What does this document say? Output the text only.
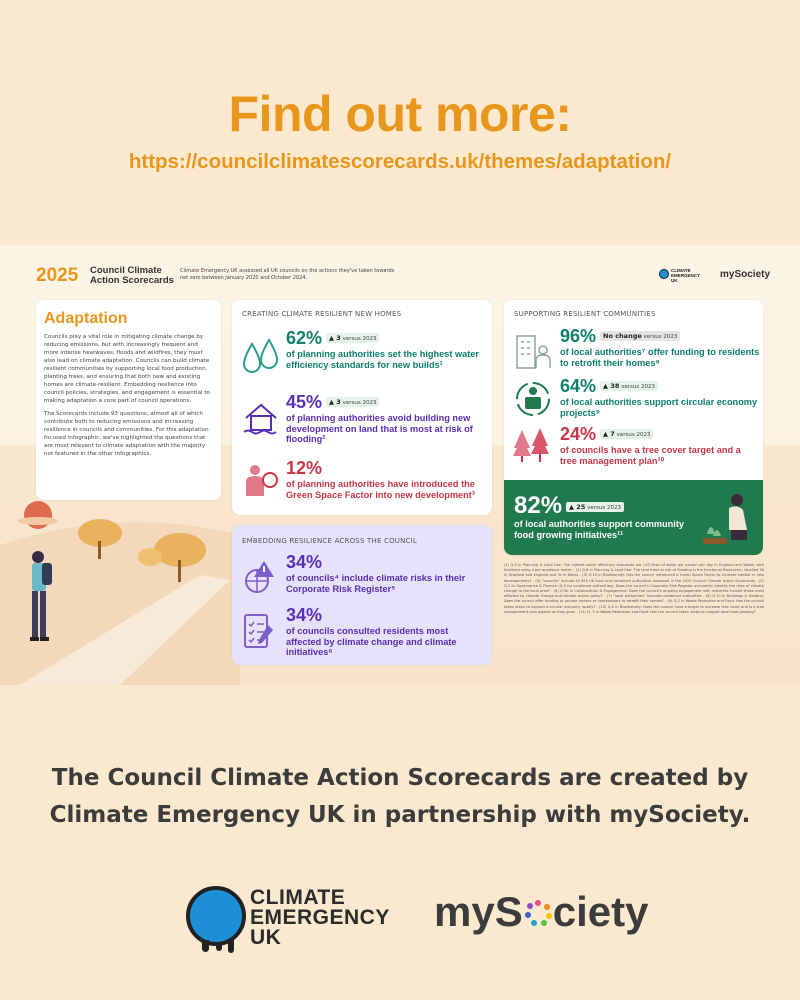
Find out more:
https://councilclimatescorecards.uk/themes/adaptation/
2025 Council Climate
Action Scorecards
Climate Emergency UK assessed all UK councils on the actions they've taken towards net zero between January 2020 and October 2024.
CLIMATE EMERGENCY UK
mySociety
Adaptation

Councils play a vital role in mitigating climate change by reducing emissions, but with increasingly frequent and more intense heatwaves, floods and wildfires, they must also lead on climate adaptation. Councils can build climate resilient communities by supporting local food production, planting trees, and ensuring that both new and existing homes are climate-resilient. Embedding resilience into council policies, strategies, and engagement is essential to making adaptation a core part of council operations.

The Scorecards include 93 questions, almost all of which contribute both to reducing emissions and increasing resilience in councils and communities. For this adaptation focused infographic, we've highlighted the questions that are most relevant to climate adaptation with the majority not featured in the other infographics.

CREATING CLIMATE RESILIENT NEW HOMES
62% ▲ 3 versus 2023
of planning authorities set the highest water efficiency standards for new builds¹
45% ▲ 3 versus 2023
of planning authorities avoid building new development on land that is most at risk of flooding²
12%
of planning authorities have introduced the Green Space Factor into new development³
EMBEDDING RESILIENCE ACROSS THE COUNCIL
34%
of councils⁴ include climate risks in their Corporate Risk Register⁵
34%
of councils consulted residents most affected by climate change and climate initiatives⁶
SUPPORTING RESILIENT COMMUNITIES
96% No change versus 2023
of local authorities⁷ offer funding to residents to retrofit their homes⁸
64% ▲ 38 versus 2023
of local authorities support circular economy projects⁹
24% ▲ 7 versus 2023
of councils have a tree cover target and a tree management plan¹⁰
82% ▲ 25 versus 2023
of local authorities support community food growing initiatives¹¹
(1) Q.5 in Planning & Land Use: The highest water efficiency standards are 110 litres of water per person per day in England and Wales, with Scotland using a per appliance metric - (2) Q.8 in Planning & Land Use: The land most at risk of flooding is the functional flood plain, labelled 3b in Scotland and England and 3c in Wales - (3) Q.10 in Biodiversity: Has the council introduced a Green Space Factor to increase habitat in new developments? - (4) "councils" include all 393 UK local and combined authorities assessed in the 2025 Council Climate Action Scorecards - (5) Q.2 in Governance & Finance (Q.3 for combined authorities): Does the council's Corporate Risk Register accurately identify the risks of climate change to the local area? - (6) Q.9b in Collaboration & Engagement: Does the council's ongoing engagement with residents include those most affected by climate change and climate action policy? - (7) "local authorities" includes combined authorities - (8) Q.10 in Buildings & Heating: Does the council offer funding to private renters or homeowners to retrofit their homes? - (9) Q.2 in Waste Reduction and Food: Has the council taken steps to support a circular economy locally? - (10) Q.5 in Biodiversity: Does the council have a target to increase tree cover and is a tree management plan agreed as they grow - (11) Q. 3 in Waste Reduction and Food: Has the council taken steps to support local food growing?
The Council Climate Action Scorecards are created by
Climate Emergency UK in partnership with mySociety.
CLIMATE
EMERGENCY
UK
myS ciety
